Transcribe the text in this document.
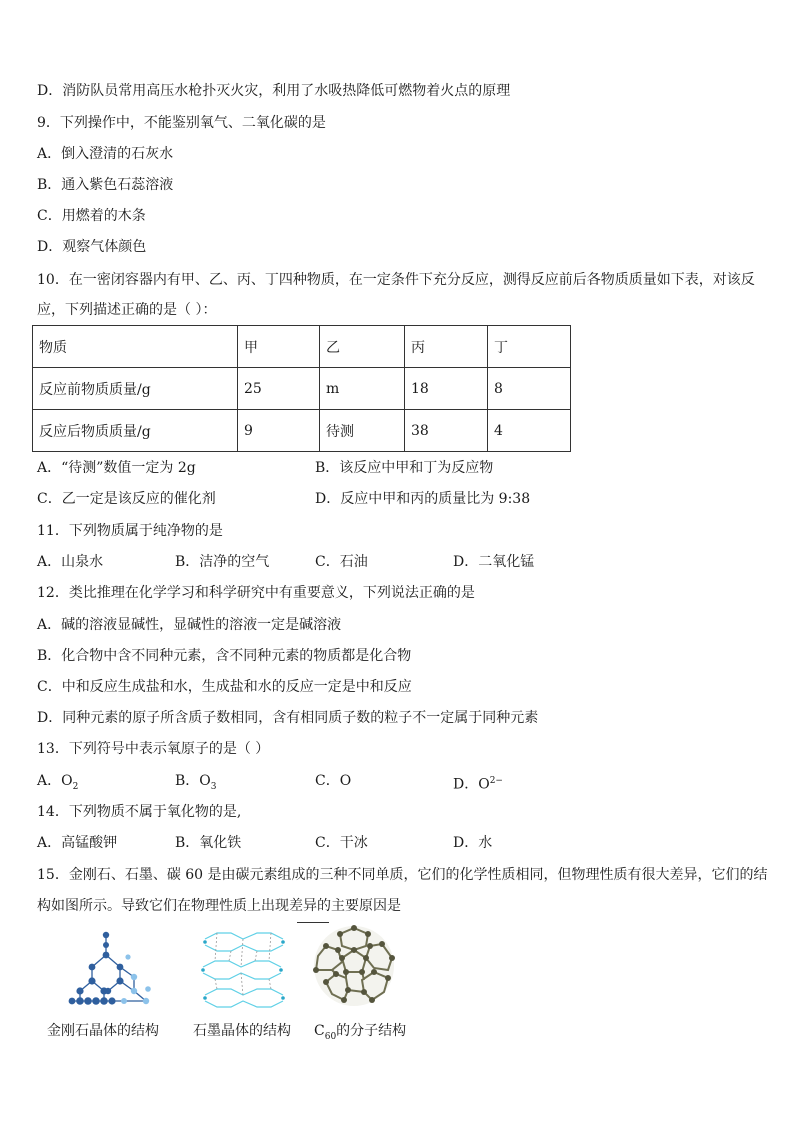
D．消防队员常用高压水枪扑灭火灾，利用了水吸热降低可燃物着火点的原理
9．下列操作中，不能鉴别氧气、二氧化碳的是
A．倒入澄清的石灰水
B．通入紫色石蕊溶液
C．用燃着的木条
D．观察气体颜色
10．在一密闭容器内有甲、乙、丙、丁四种物质，在一定条件下充分反应，测得反应前后各物质质量如下表，对该反
应，下列描述正确的是（ ）：
物质	甲	乙	丙	丁
反应前物质质量/g	25	m	18	8
反应后物质质量/g	9	待测	38	4
A．“待测”数值一定为 2g	B．该反应中甲和丁为反应物
C．乙一定是该反应的催化剂	D．反应中甲和丙的质量比为 9:38
11．下列物质属于纯净物的是
A．山泉水	B．洁净的空气	C．石油	D．二氧化锰
12．类比推理在化学学习和科学研究中有重要意义，下列说法正确的是
A．碱的溶液显碱性，显碱性的溶液一定是碱溶液
B．化合物中含不同种元素，含不同种元素的物质都是化合物
C．中和反应生成盐和水，生成盐和水的反应一定是中和反应
D．同种元素的原子所含质子数相同，含有相同质子数的粒子不一定属于同种元素
13．下列符号中表示氧原子的是（ ）
A．$O_2$	B．$O_3$	C．O	D．$O^{2-}$
14．下列物质不属于氧化物的是,
A．高锰酸钾	B．氧化铁	C．干冰	D．水
15．金刚石、石墨、碳 60 是由碳元素组成的三种不同单质，它们的化学性质相同，但物理性质有很大差异，它们的结
构如图所示。导致它们在物理性质上出现差异的主要原因是
金刚石晶体的结构 石墨晶体的结构 $C_{60}$的分子结构
